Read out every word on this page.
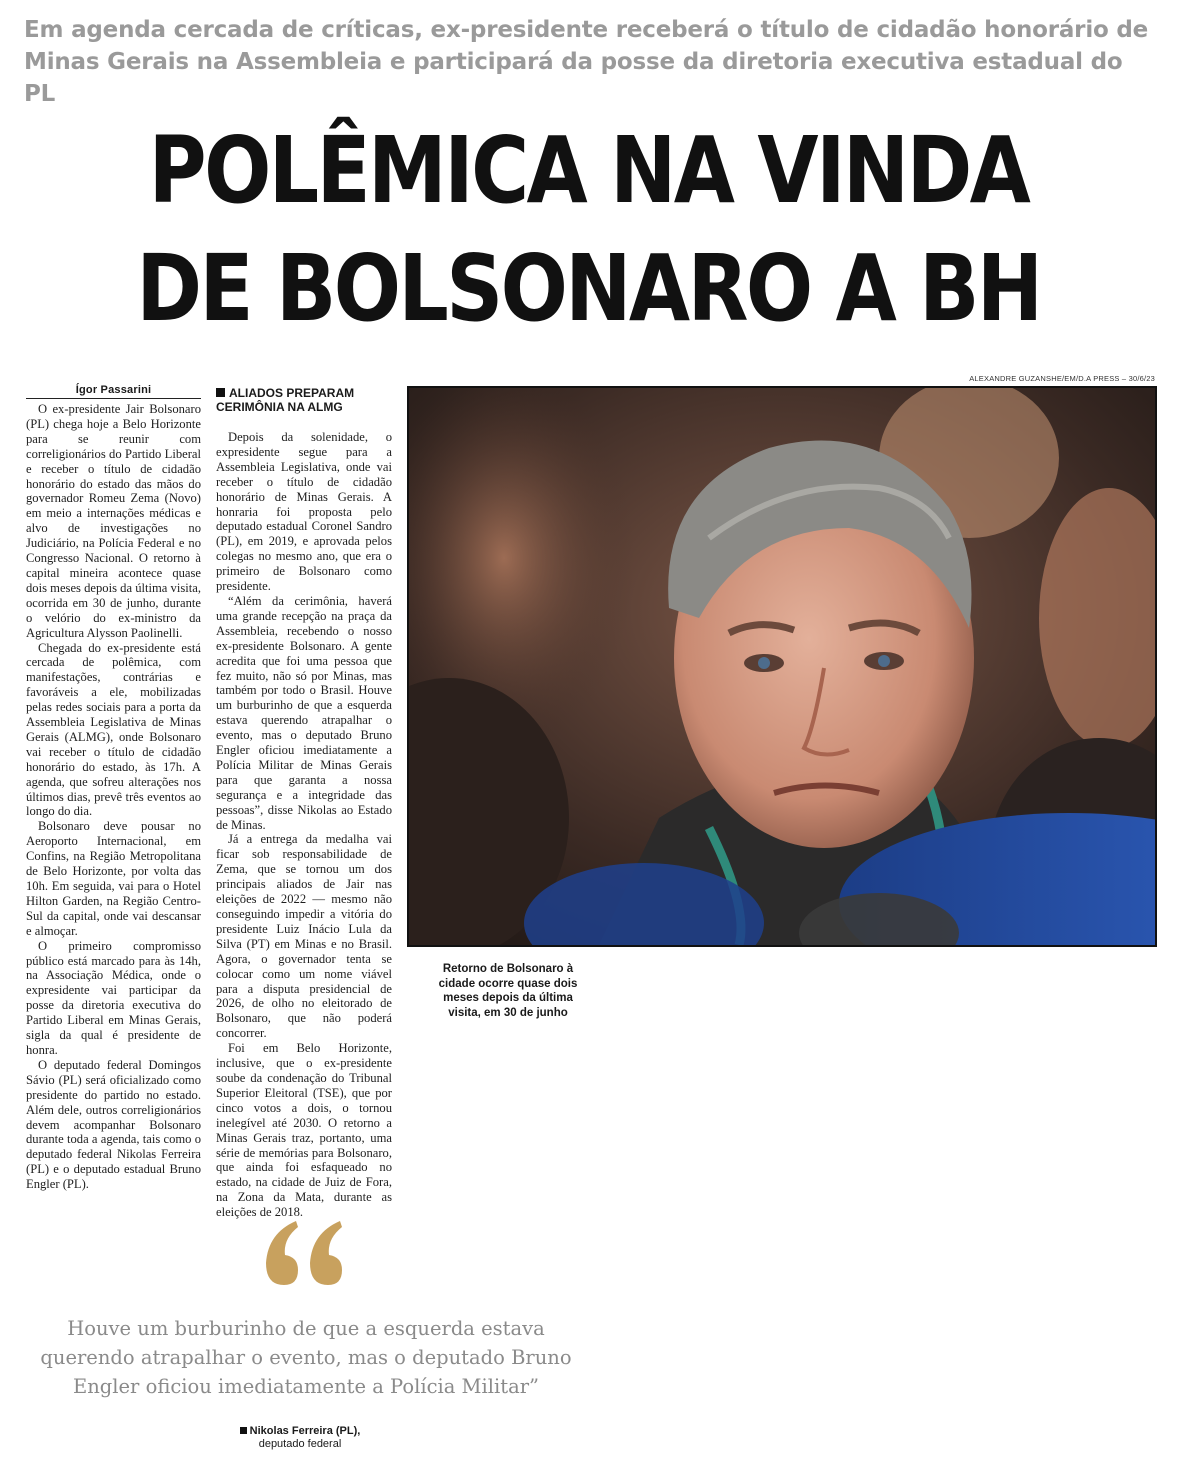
Em agenda cercada de críticas, ex-presidente receberá o título de cidadão honorário de Minas Gerais na Assembleia e participará da posse da diretoria executiva estadual do PL
POLÊMICA NA VINDA
DE BOLSONARO A BH
Ígor Passarini

O ex-presidente Jair Bolsonaro (PL) chega hoje a Belo Horizonte para se reunir com correligionários do Partido Liberal e receber o título de cidadão honorário do estado das mãos do governador Romeu Zema (Novo) em meio a internações médicas e alvo de investigações no Judiciário, na Polícia Federal e no Congresso Nacional. O retorno à capital mineira acontece quase dois meses depois da última visita, ocorrida em 30 de junho, durante o velório do ex-ministro da Agricultura Alysson Paolinelli.

Chegada do ex-presidente está cercada de polêmica, com manifestações, contrárias e favoráveis a ele, mobilizadas pelas redes sociais para a porta da Assembleia Legislativa de Minas Gerais (ALMG), onde Bolsonaro vai receber o título de cidadão honorário do estado, às 17h. A agenda, que sofreu alterações nos últimos dias, prevê três eventos ao longo do dia.

Bolsonaro deve pousar no Aeroporto Internacional, em Confins, na Região Metropolitana de Belo Horizonte, por volta das 10h. Em seguida, vai para o Hotel Hilton Garden, na Região Centro-Sul da capital, onde vai descansar e almoçar.

O primeiro compromisso público está marcado para às 14h, na Associação Médica, onde o expresidente vai participar da posse da diretoria executiva do Partido Liberal em Minas Gerais, sigla da qual é presidente de honra.

O deputado federal Domingos Sávio (PL) será oficializado como presidente do partido no estado. Além dele, outros correligionários devem acompanhar Bolsonaro durante toda a agenda, tais como o deputado federal Nikolas Ferreira (PL) e o deputado estadual Bruno Engler (PL).

ALIADOS PREPARAM CERIMÔNIA NA ALMG

Depois da solenidade, o expresidente segue para a Assembleia Legislativa, onde vai receber o título de cidadão honorário de Minas Gerais. A honraria foi proposta pelo deputado estadual Coronel Sandro (PL), em 2019, e aprovada pelos colegas no mesmo ano, que era o primeiro de Bolsonaro como presidente.

“Além da cerimônia, haverá uma grande recepção na praça da Assembleia, recebendo o nosso ex-presidente Bolsonaro. A gente acredita que foi uma pessoa que fez muito, não só por Minas, mas também por todo o Brasil. Houve um burburinho de que a esquerda estava querendo atrapalhar o evento, mas o deputado Bruno Engler oficiou imediatamente a Polícia Militar de Minas Gerais para que garanta a nossa segurança e a integridade das pessoas”, disse Nikolas ao Estado de Minas.

Já a entrega da medalha vai ficar sob responsabilidade de Zema, que se tornou um dos principais aliados de Jair nas eleições de 2022 — mesmo não conseguindo impedir a vitória do presidente Luiz Inácio Lula da Silva (PT) em Minas e no Brasil. Agora, o governador tenta se colocar como um nome viável para a disputa presidencial de 2026, de olho no eleitorado de Bolsonaro, que não poderá concorrer.

Foi em Belo Horizonte, inclusive, que o ex-presidente soube da condenação do Tribunal Superior Eleitoral (TSE), que por cinco votos a dois, o tornou inelegível até 2030. O retorno a Minas Gerais traz, portanto, uma série de memórias para Bolsonaro, que ainda foi esfaqueado no estado, na cidade de Juiz de Fora, na Zona da Mata, durante as eleições de 2018.

ALEXANDRE GUZANSHE/EM/D.A PRESS – 30/6/23
Retorno de Bolsonaro à cidade ocorre quase dois meses depois da última visita, em 30 de junho
Houve um burburinho de que a esquerda estava querendo atrapalhar o evento, mas o deputado Bruno Engler oficiou imediatamente a Polícia Militar”
Nikolas Ferreira (PL),
deputado federal
